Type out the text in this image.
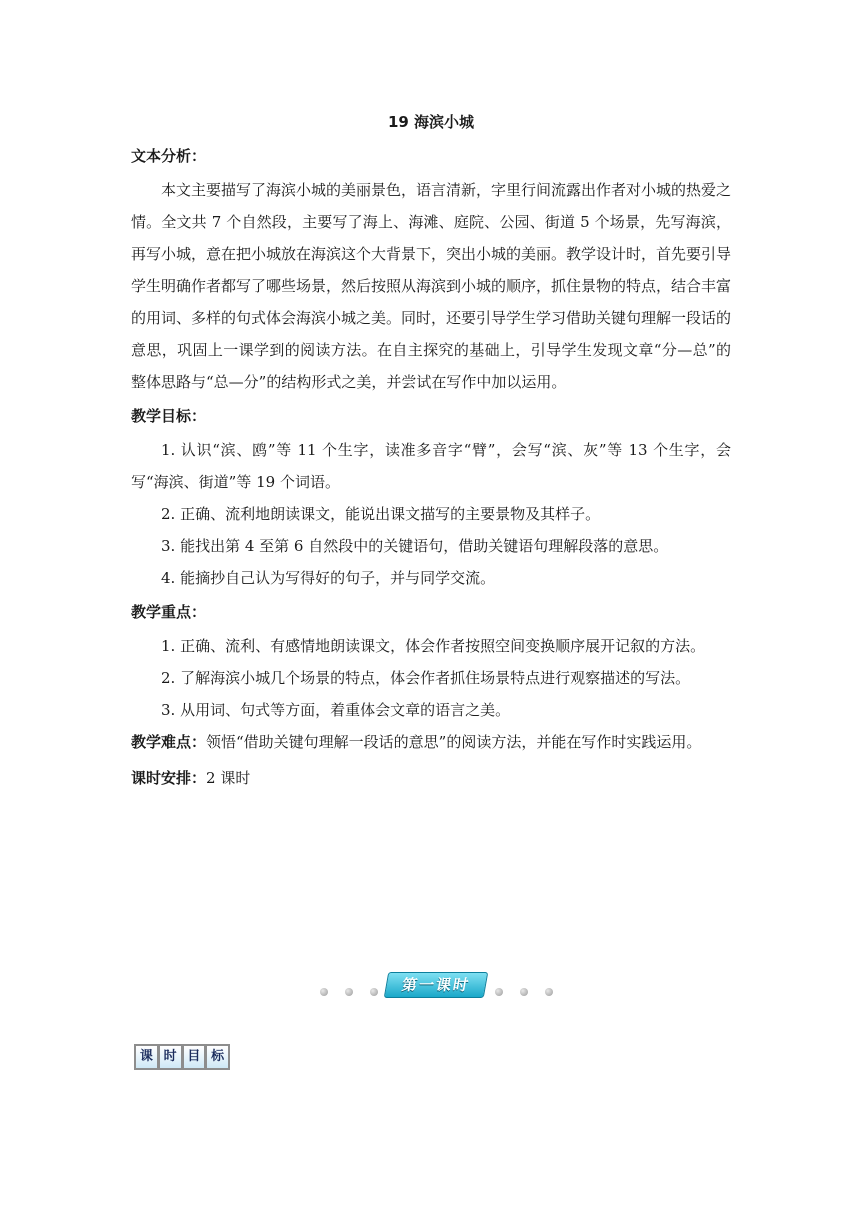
19 海滨小城
文本分析：

本文主要描写了海滨小城的美丽景色，语言清新，字里行间流露出作者对小城的热爱之情。全文共 7 个自然段，主要写了海上、海滩、庭院、公园、街道 5 个场景，先写海滨，再写小城，意在把小城放在海滨这个大背景下，突出小城的美丽。教学设计时，首先要引导学生明确作者都写了哪些场景，然后按照从海滨到小城的顺序，抓住景物的特点，结合丰富的用词、多样的句式体会海滨小城之美。同时，还要引导学生学习借助关键句理解一段话的意思，巩固上一课学到的阅读方法。在自主探究的基础上，引导学生发现文章“分—总”的整体思路与“总—分”的结构形式之美，并尝试在写作中加以运用。

教学目标：

1. 认识“滨、鸥”等 11 个生字，读准多音字“臂”，会写“滨、灰”等 13 个生字，会写“海滨、街道”等 19 个词语。

2. 正确、流利地朗读课文，能说出课文描写的主要景物及其样子。

3. 能找出第 4 至第 6 自然段中的关键语句，借助关键语句理解段落的意思。

4. 能摘抄自己认为写得好的句子，并与同学交流。

教学重点：

1. 正确、流利、有感情地朗读课文，体会作者按照空间变换顺序展开记叙的方法。

2. 了解海滨小城几个场景的特点，体会作者抓住场景特点进行观察描述的写法。

3. 从用词、句式等方面，着重体会文章的语言之美。

教学难点：领悟“借助关键句理解一段话的意思”的阅读方法，并能在写作时实践运用。

课时安排：2 课时

第一课时
课 时 目 标
